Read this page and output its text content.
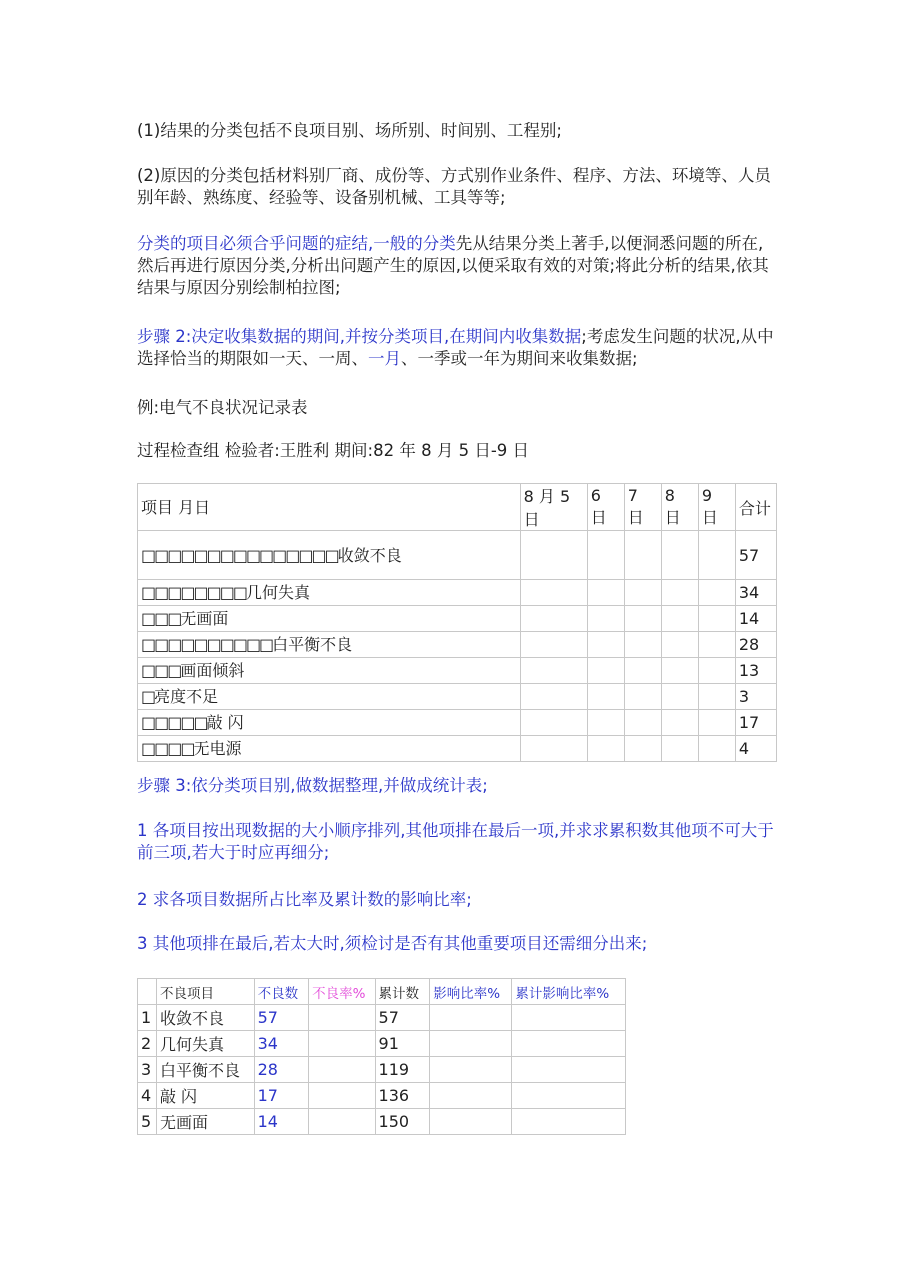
(1)结果的分类包括不良项目别、场所别、时间别、工程别;

(2)原因的分类包括材料别厂商、成份等、方式别作业条件、程序、方法、环境等、人员别年龄、熟练度、经验等、设备别机械、工具等等;

分类的项目必须合乎问题的症结,一般的分类先从结果分类上著手,以便洞悉问题的所在,然后再进行原因分类,分析出问题产生的原因,以便采取有效的对策;将此分析的结果,依其结果与原因分别绘制柏拉图;

步骤 2:决定收集数据的期间,并按分类项目,在期间内收集数据;考虑发生问题的状况,从中选择恰当的期限如一天、一周、一月、一季或一年为期间来收集数据;

例:电气不良状况记录表

过程检查组 检验者:王胜利 期间:82 年 8 月 5 日-9 日

项目 月日	8 月 5 日	6 日	7 日	8 日	9 日	合计
□□□□□□□□□□□□□□□收敛不良						57
□□□□□□□□几何失真						34
□□□无画面						14
□□□□□□□□□□白平衡不良						28
□□□画面倾斜						13
□亮度不足						3
□□□□□敲 闪						17
□□□□无电源						4

步骤 3:依分类项目别,做数据整理,并做成统计表;

1 各项目按出现数据的大小顺序排列,其他项排在最后一项,并求求累积数其他项不可大于前三项,若大于时应再细分;

2 求各项目数据所占比率及累计数的影响比率;

3 其他项排在最后,若太大时,须检讨是否有其他重要项目还需细分出来;

	不良项目	不良数	不良率%	累计数	影响比率%	累计影响比率%
1	收敛不良	57		57		
2	几何失真	34		91		
3	白平衡不良	28		119		
4	敲 闪	17		136		
5	无画面	14		150		
